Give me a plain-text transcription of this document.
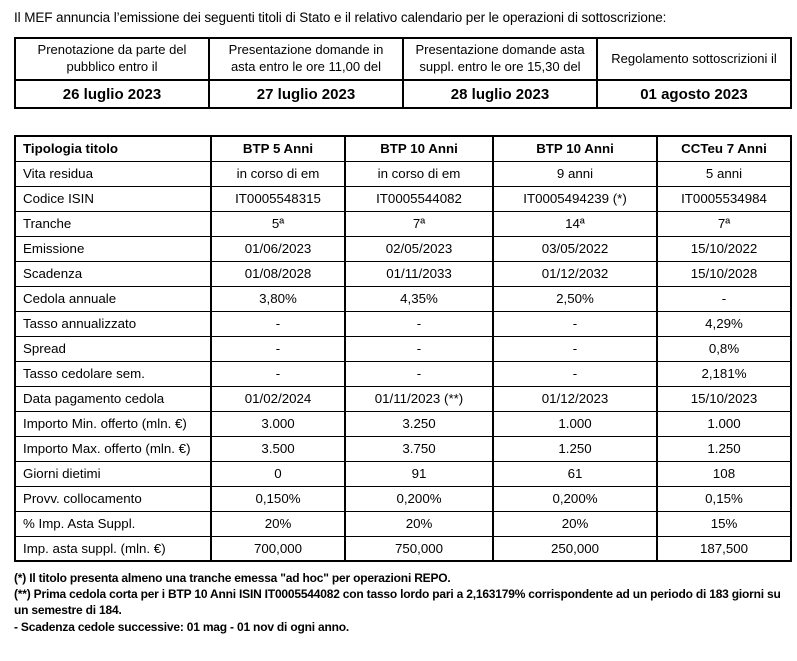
Il MEF annuncia l’emissione dei seguenti titoli di Stato e il relativo calendario per le operazioni di sottoscrizione:
Prenotazione da parte del pubblico entro il	Presentazione domande in asta entro le ore 11,00 del	Presentazione domande asta suppl. entro le ore 15,30 del	Regolamento sottoscrizioni il
26 luglio 2023	27 luglio 2023	28 luglio 2023	01 agosto 2023
Tipologia titolo	BTP 5 Anni	BTP 10 Anni	BTP 10 Anni	CCTeu 7 Anni
Vita residua	in corso di em	in corso di em	9 anni	5 anni
Codice ISIN	IT0005548315	IT0005544082	IT0005494239 (*)	IT0005534984
Tranche	5ª	7ª	14ª	7ª
Emissione	01/06/2023	02/05/2023	03/05/2022	15/10/2022
Scadenza	01/08/2028	01/11/2033	01/12/2032	15/10/2028
Cedola annuale	3,80%	4,35%	2,50%	-
Tasso annualizzato	-	-	-	4,29%
Spread	-	-	-	0,8%
Tasso cedolare sem.	-	-	-	2,181%
Data pagamento cedola	01/02/2024	01/11/2023 (**)	01/12/2023	15/10/2023
Importo Min. offerto (mln. €)	3.000	3.250	1.000	1.000
Importo Max. offerto (mln. €)	3.500	3.750	1.250	1.250
Giorni dietimi	0	91	61	108
Provv. collocamento	0,150%	0,200%	0,200%	0,15%
% Imp. Asta Suppl.	20%	20%	20%	15%
Imp. asta suppl. (mln. €)	700,000	750,000	250,000	187,500
(*) Il titolo presenta almeno una tranche emessa "ad hoc" per operazioni REPO.
(**) Prima cedola corta per i BTP 10 Anni ISIN IT0005544082 con tasso lordo pari a 2,163179% corrispondente ad un periodo di 183 giorni su un semestre di 184.
- Scadenza cedole successive: 01 mag - 01 nov di ogni anno.
